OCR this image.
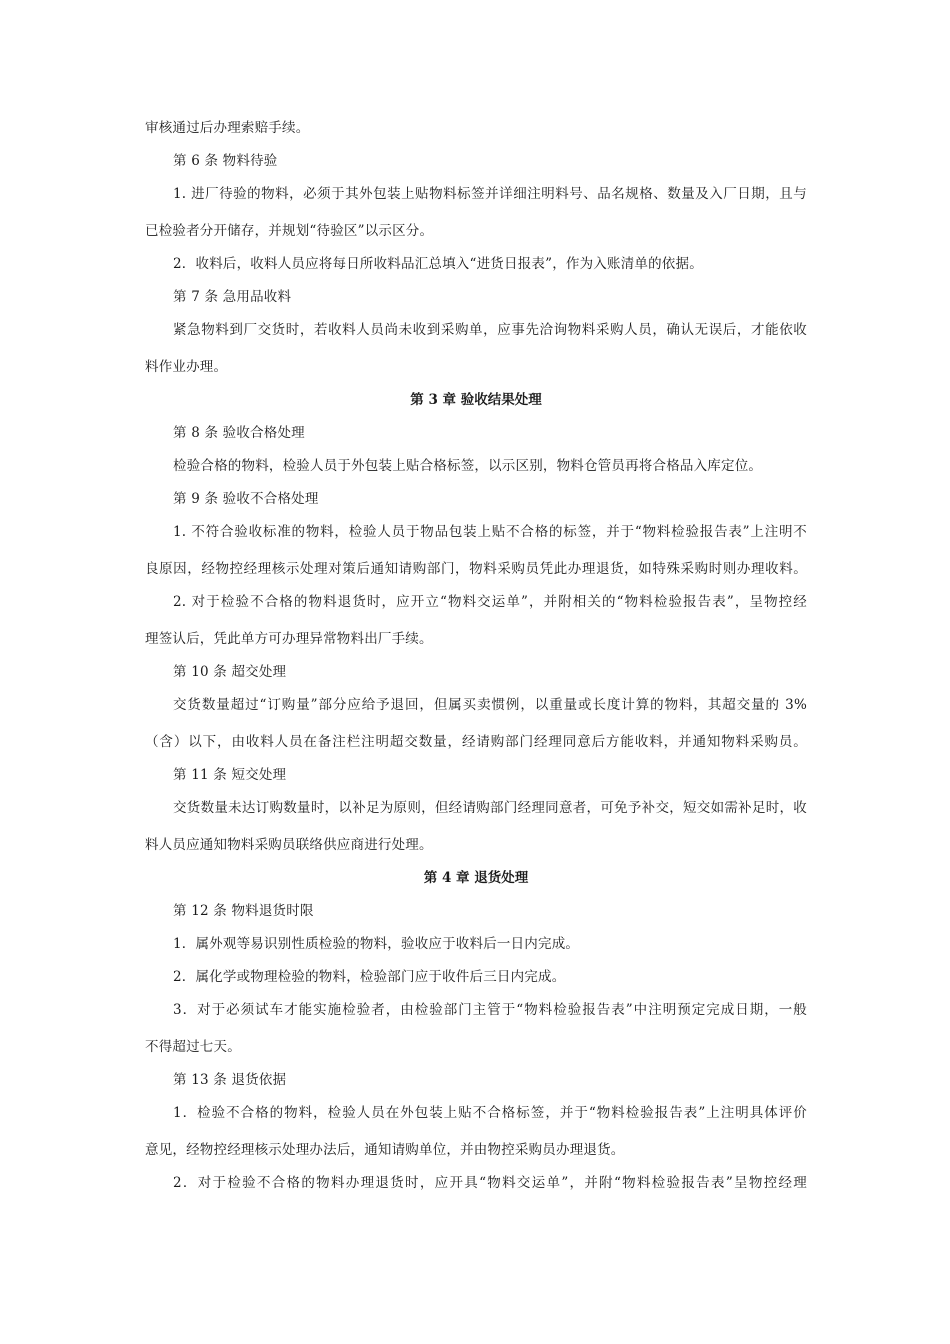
审核通过后办理索赔手续。
第 6 条 物料待验
1. 进厂待验的物料，必须于其外包装上贴物料标签并详细注明料号、品名规格、数量及入厂日期，且与
已检验者分开储存，并规划“待验区”以示区分。
2．收料后，收料人员应将每日所收料品汇总填入“进货日报表”，作为入账清单的依据。
第 7 条 急用品收料
紧急物料到厂交货时，若收料人员尚未收到采购单，应事先洽询物料采购人员，确认无误后，才能依收
料作业办理。
第 3 章 验收结果处理
第 8 条 验收合格处理
检验合格的物料，检验人员于外包装上贴合格标签，以示区别，物料仓管员再将合格品入库定位。
第 9 条 验收不合格处理
1. 不符合验收标准的物料，检验人员于物品包装上贴不合格的标签，并于“物料检验报告表”上注明不
良原因，经物控经理核示处理对策后通知请购部门，物料采购员凭此办理退货，如特殊采购时则办理收料。
2. 对于检验不合格的物料退货时，应开立“物料交运单”，并附相关的“物料检验报告表”，呈物控经
理签认后，凭此单方可办理异常物料出厂手续。
第 10 条 超交处理
交货数量超过“订购量”部分应给予退回，但属买卖惯例，以重量或长度计算的物料，其超交量的 3%
（含）以下，由收料人员在备注栏注明超交数量，经请购部门经理同意后方能收料，并通知物料采购员。
第 11 条 短交处理
交货数量未达订购数量时，以补足为原则，但经请购部门经理同意者，可免予补交，短交如需补足时，收
料人员应通知物料采购员联络供应商进行处理。
第 4 章 退货处理
第 12 条 物料退货时限
1．属外观等易识别性质检验的物料，验收应于收料后一日内完成。
2．属化学或物理检验的物料，检验部门应于收件后三日内完成。
3．对于必须试车才能实施检验者，由检验部门主管于“物料检验报告表”中注明预定完成日期，一般
不得超过七天。
第 13 条 退货依据
1．检验不合格的物料，检验人员在外包装上贴不合格标签，并于“物料检验报告表”上注明具体评价
意见，经物控经理核示处理办法后，通知请购单位，并由物控采购员办理退货。
2．对于检验不合格的物料办理退货时，应开具“物料交运单”，并附“物料检验报告表”呈物控经理
